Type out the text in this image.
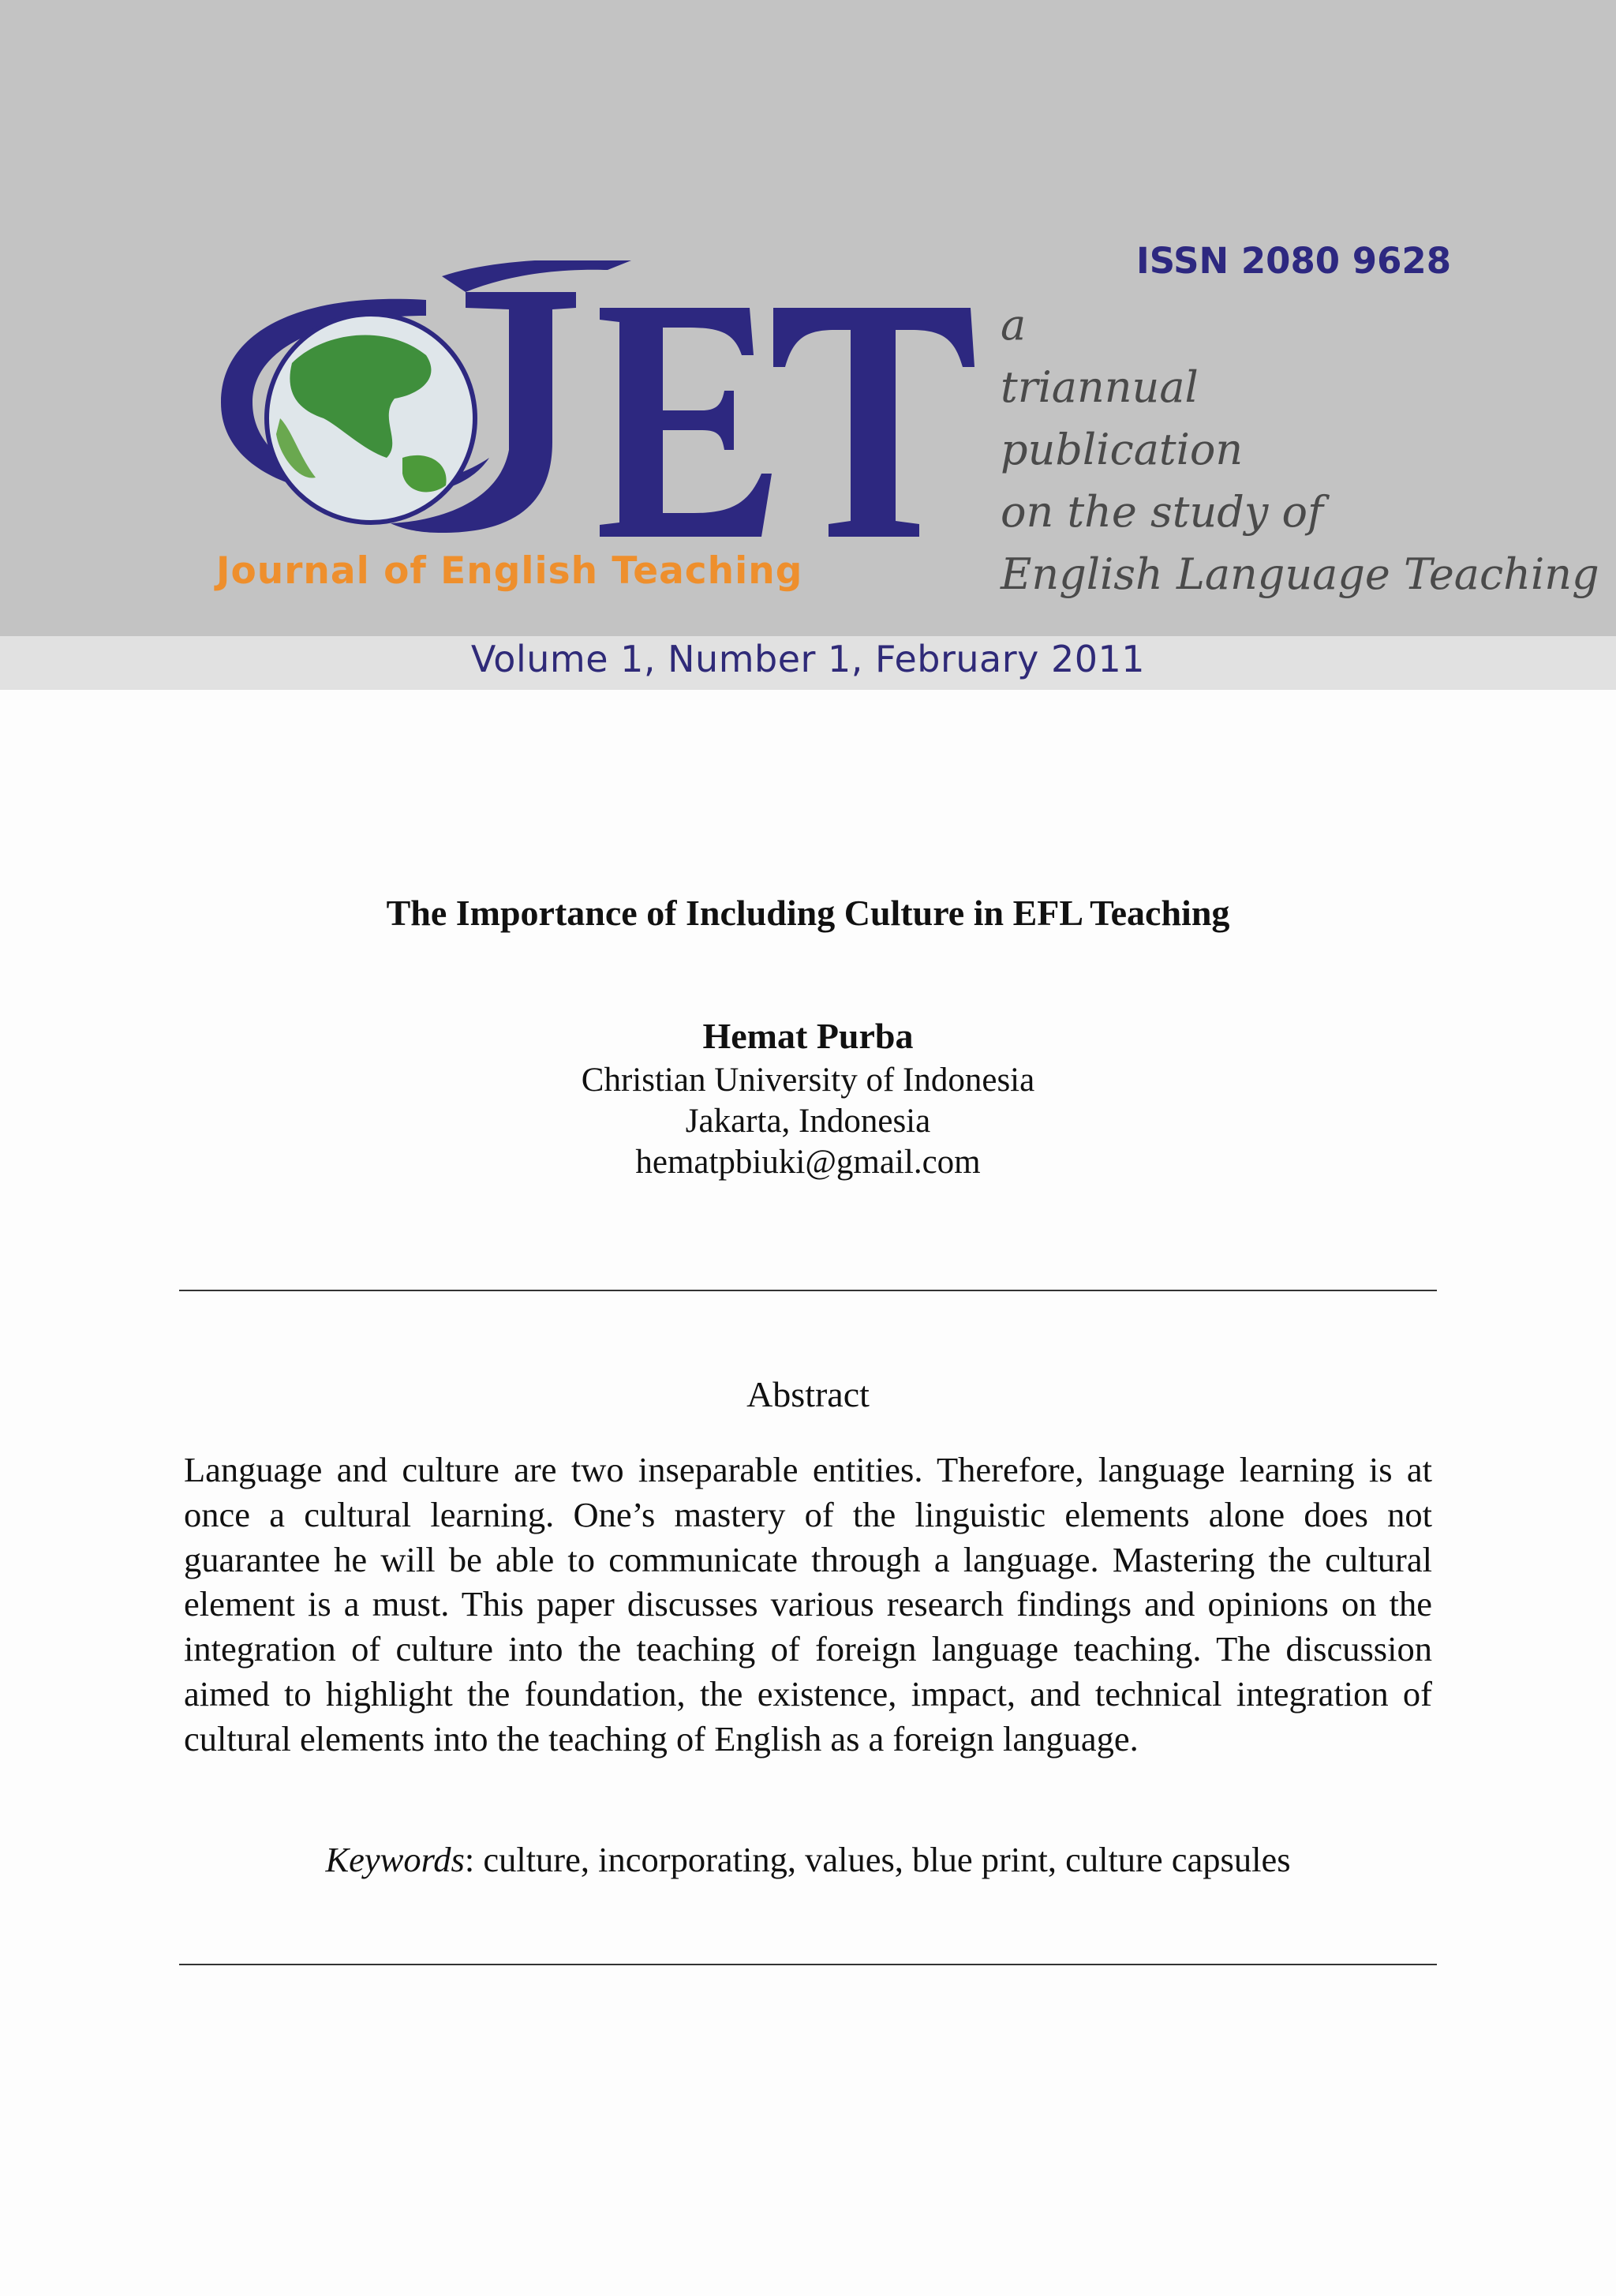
Journal of English Teaching
ISSN 2080 9628
a
triannual
publication
on the study of
English Language Teaching
Volume 1, Number 1, February 2011
The Importance of Including Culture in EFL Teaching
Hemat Purba
Christian University of Indonesia
Jakarta, Indonesia
hematpbiuki@gmail.com
Abstract
Language and culture are two inseparable entities. Therefore, language learning is at once a cultural learning. One’s mastery of the linguistic elements alone does not guarantee he will be able to communicate through a language. Mastering the cultural element is a must. This paper discusses various research findings and opinions on the integration of culture into the teaching of foreign language teaching. The discussion aimed to highlight the foundation, the existence, impact, and technical integration of cultural elements into the teaching of English as a foreign language.
Keywords: culture, incorporating, values, blue print, culture capsules
